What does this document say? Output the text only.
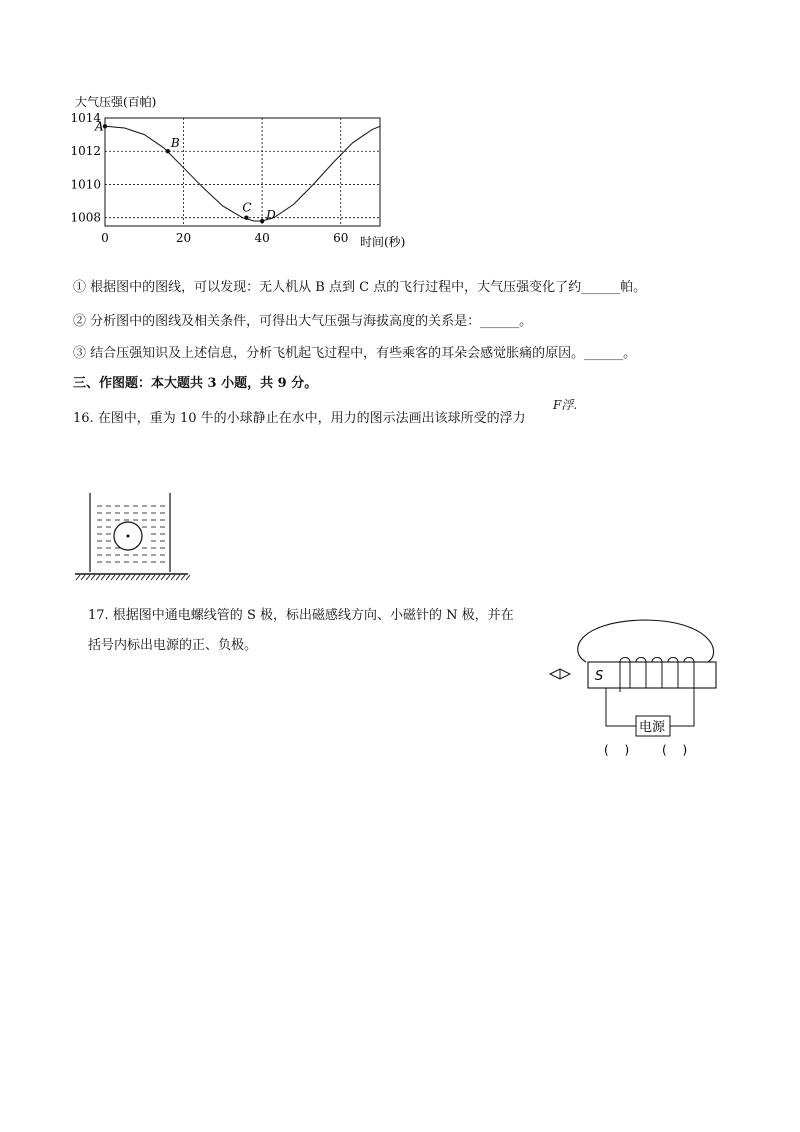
大气压强(百帕)
时间(秒)
0	20	40	60
1014
1012
1010
1008
A
B
C
D
① 根据图中的图线，可以发现：无人机从 B 点到 C 点的飞行过程中，大气压强变化了约______帕。
② 分析图中的图线及相关条件，可得出大气压强与海拔高度的关系是：______。
③ 结合压强知识及上述信息，分析飞机起飞过程中，有些乘客的耳朵会感觉胀痛的原因。______。
三、作图题：本大题共 3 小题，共 9 分。
16. 在图中，重为 10 牛的小球静止在水中，用力的图示法画出该球所受的浮力
F浮.
17. 根据图中通电螺线管的 S 极，标出磁感线方向、小磁针的 N 极，并在
括号内标出电源的正、负极。
S
电源
(　 )	(　 )
